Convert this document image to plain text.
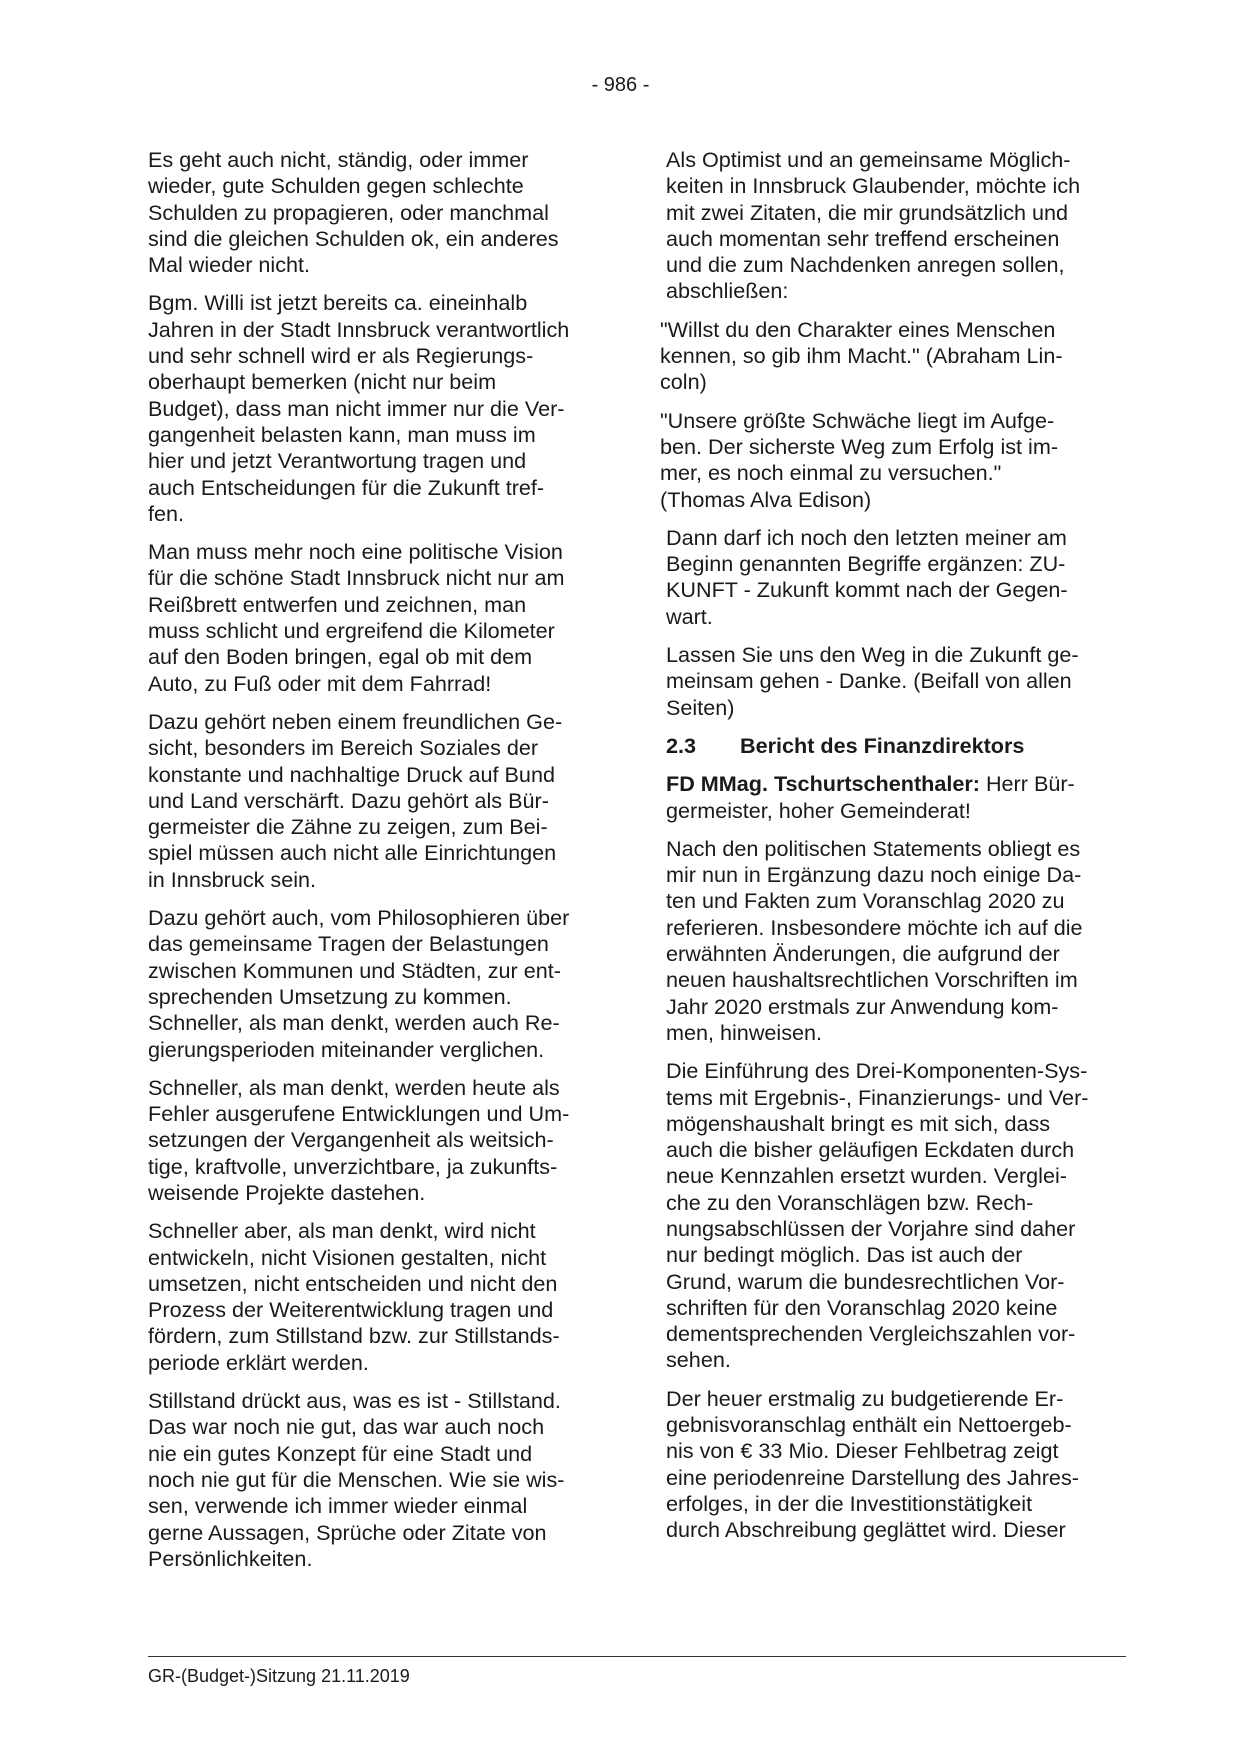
- 986 -

Es geht auch nicht, ständig, oder immer
wieder, gute Schulden gegen schlechte
Schulden zu propagieren, oder manchmal
sind die gleichen Schulden ok, ein anderes
Mal wieder nicht.

Bgm. Willi ist jetzt bereits ca. eineinhalb
Jahren in der Stadt Innsbruck verantwortlich
und sehr schnell wird er als Regierungs-
oberhaupt bemerken (nicht nur beim
Budget), dass man nicht immer nur die Ver-
gangenheit belasten kann, man muss im
hier und jetzt Verantwortung tragen und
auch Entscheidungen für die Zukunft tref-
fen.

Man muss mehr noch eine politische Vision
für die schöne Stadt Innsbruck nicht nur am
Reißbrett entwerfen und zeichnen, man
muss schlicht und ergreifend die Kilometer
auf den Boden bringen, egal ob mit dem
Auto, zu Fuß oder mit dem Fahrrad!

Dazu gehört neben einem freundlichen Ge-
sicht, besonders im Bereich Soziales der
konstante und nachhaltige Druck auf Bund
und Land verschärft. Dazu gehört als Bür-
germeister die Zähne zu zeigen, zum Bei-
spiel müssen auch nicht alle Einrichtungen
in Innsbruck sein.

Dazu gehört auch, vom Philosophieren über
das gemeinsame Tragen der Belastungen
zwischen Kommunen und Städten, zur ent-
sprechenden Umsetzung zu kommen.
Schneller, als man denkt, werden auch Re-
gierungsperioden miteinander verglichen.

Schneller, als man denkt, werden heute als
Fehler ausgerufene Entwicklungen und Um-
setzungen der Vergangenheit als weitsich-
tige, kraftvolle, unverzichtbare, ja zukunfts-
weisende Projekte dastehen.

Schneller aber, als man denkt, wird nicht
entwickeln, nicht Visionen gestalten, nicht
umsetzen, nicht entscheiden und nicht den
Prozess der Weiterentwicklung tragen und
fördern, zum Stillstand bzw. zur Stillstands-
periode erklärt werden.

Stillstand drückt aus, was es ist - Stillstand.
Das war noch nie gut, das war auch noch
nie ein gutes Konzept für eine Stadt und
noch nie gut für die Menschen. Wie sie wis-
sen, verwende ich immer wieder einmal
gerne Aussagen, Sprüche oder Zitate von
Persönlichkeiten.

Als Optimist und an gemeinsame Möglich-
keiten in Innsbruck Glaubender, möchte ich
mit zwei Zitaten, die mir grundsätzlich und
auch momentan sehr treffend erscheinen
und die zum Nachdenken anregen sollen,
abschließen:

"Willst du den Charakter eines Menschen
kennen, so gib ihm Macht." (Abraham Lin-
coln)

"Unsere größte Schwäche liegt im Aufge-
ben. Der sicherste Weg zum Erfolg ist im-
mer, es noch einmal zu versuchen."
(Thomas Alva Edison)

Dann darf ich noch den letzten meiner am
Beginn genannten Begriffe ergänzen: ZU-
KUNFT - Zukunft kommt nach der Gegen-
wart.

Lassen Sie uns den Weg in die Zukunft ge-
meinsam gehen - Danke. (Beifall von allen
Seiten)

2.3 Bericht des Finanzdirektors

FD MMag. Tschurtschenthaler: Herr Bür-
germeister, hoher Gemeinderat!

Nach den politischen Statements obliegt es
mir nun in Ergänzung dazu noch einige Da-
ten und Fakten zum Voranschlag 2020 zu
referieren. Insbesondere möchte ich auf die
erwähnten Änderungen, die aufgrund der
neuen haushaltsrechtlichen Vorschriften im
Jahr 2020 erstmals zur Anwendung kom-
men, hinweisen.

Die Einführung des Drei-Komponenten-Sys-
tems mit Ergebnis-, Finanzierungs- und Ver-
mögenshaushalt bringt es mit sich, dass
auch die bisher geläufigen Eckdaten durch
neue Kennzahlen ersetzt wurden. Verglei-
che zu den Voranschlägen bzw. Rech-
nungsabschlüssen der Vorjahre sind daher
nur bedingt möglich. Das ist auch der
Grund, warum die bundesrechtlichen Vor-
schriften für den Voranschlag 2020 keine
dementsprechenden Vergleichszahlen vor-
sehen.

Der heuer erstmalig zu budgetierende Er-
gebnisvoranschlag enthält ein Nettoergeb-
nis von € 33 Mio. Dieser Fehlbetrag zeigt
eine periodenreine Darstellung des Jahres-
erfolges, in der die Investitionstätigkeit
durch Abschreibung geglättet wird. Dieser

GR-(Budget-)Sitzung 21.11.2019
